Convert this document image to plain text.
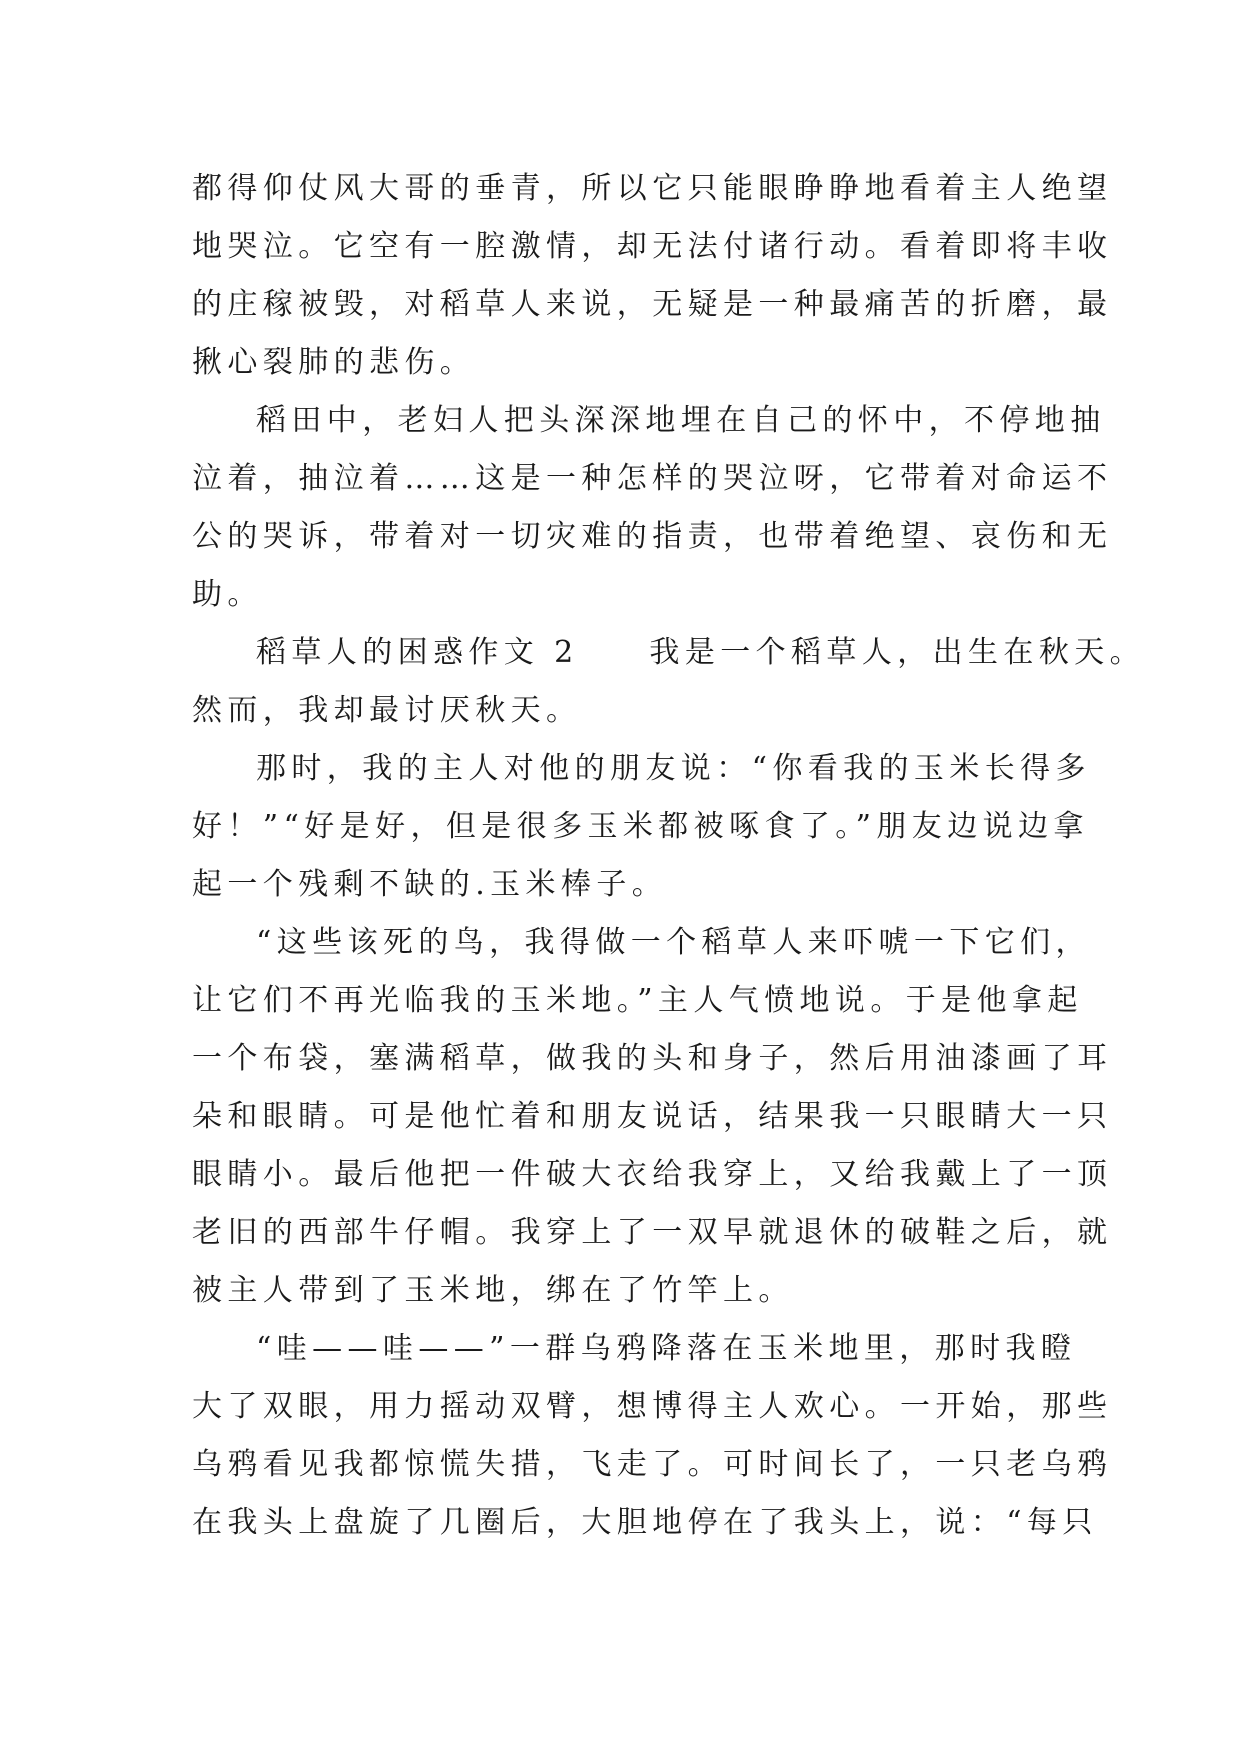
都得仰仗风大哥的垂青，所以它只能眼睁睁地看着主人绝望
地哭泣。它空有一腔激情，却无法付诸行动。看着即将丰收
的庄稼被毁，对稻草人来说，无疑是一种最痛苦的折磨，最
揪心裂肺的悲伤。
稻田中，老妇人把头深深地埋在自己的怀中，不停地抽
泣着，抽泣着……这是一种怎样的哭泣呀，它带着对命运不
公的哭诉，带着对一切灾难的指责，也带着绝望、哀伤和无
助。
稻草人的困惑作文 2　　我是一个稻草人，出生在秋天。
然而，我却最讨厌秋天。
那时，我的主人对他的朋友说：“你看我的玉米长得多
好！”“好是好，但是很多玉米都被啄食了。”朋友边说边拿
起一个残剩不缺的.玉米棒子。
“这些该死的鸟，我得做一个稻草人来吓唬一下它们，
让它们不再光临我的玉米地。”主人气愤地说。于是他拿起
一个布袋，塞满稻草，做我的头和身子，然后用油漆画了耳
朵和眼睛。可是他忙着和朋友说话，结果我一只眼睛大一只
眼睛小。最后他把一件破大衣给我穿上，又给我戴上了一顶
老旧的西部牛仔帽。我穿上了一双早就退休的破鞋之后，就
被主人带到了玉米地，绑在了竹竿上。
“哇——哇——”一群乌鸦降落在玉米地里，那时我瞪
大了双眼，用力摇动双臂，想博得主人欢心。一开始，那些
乌鸦看见我都惊慌失措，飞走了。可时间长了，一只老乌鸦
在我头上盘旋了几圈后，大胆地停在了我头上，说：“每只
